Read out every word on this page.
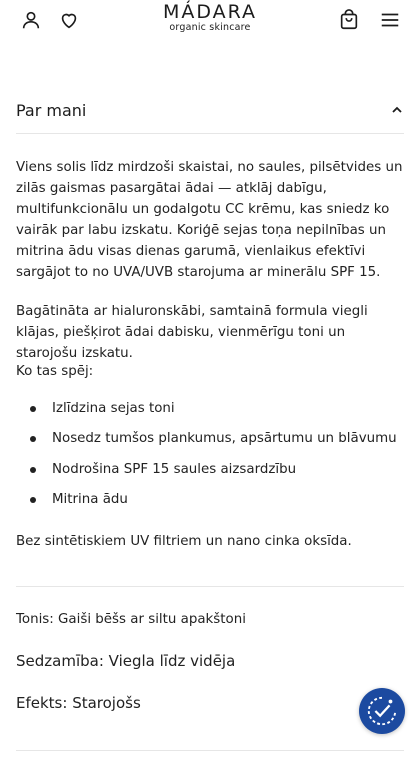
MÁDARA
organic skincare
Par mani

Viens solis līdz mirdzoši skaistai, no saules, pilsētvides un zilās gaismas pasargātai ādai — atklāj dabīgu, multifunkcionālu un godalgotu CC krēmu, kas sniedz ko vairāk par labu izskatu. Koriģē sejas toņa nepilnības un mitrina ādu visas dienas garumā, vienlaikus efektīvi sargājot to no UVA/UVB starojuma ar minerālu SPF 15.

Bagātināta ar hialuronskābi, samtainā formula viegli klājas, piešķirot ādai dabisku, vienmērīgu toni un starojošu izskatu.

Ko tas spēj:

Izlīdzina sejas toni
Nosedz tumšos plankumus, apsārtumu un blāvumu
Nodrošina SPF 15 saules aizsardzību
Mitrina ādu

Bez sintētiskiem UV filtriem un nano cinka oksīda.

Tonis: Gaiši bēšs ar siltu apakštoni
Sedzamība: Viegla līdz vidēja
Efekts: Starojošs
